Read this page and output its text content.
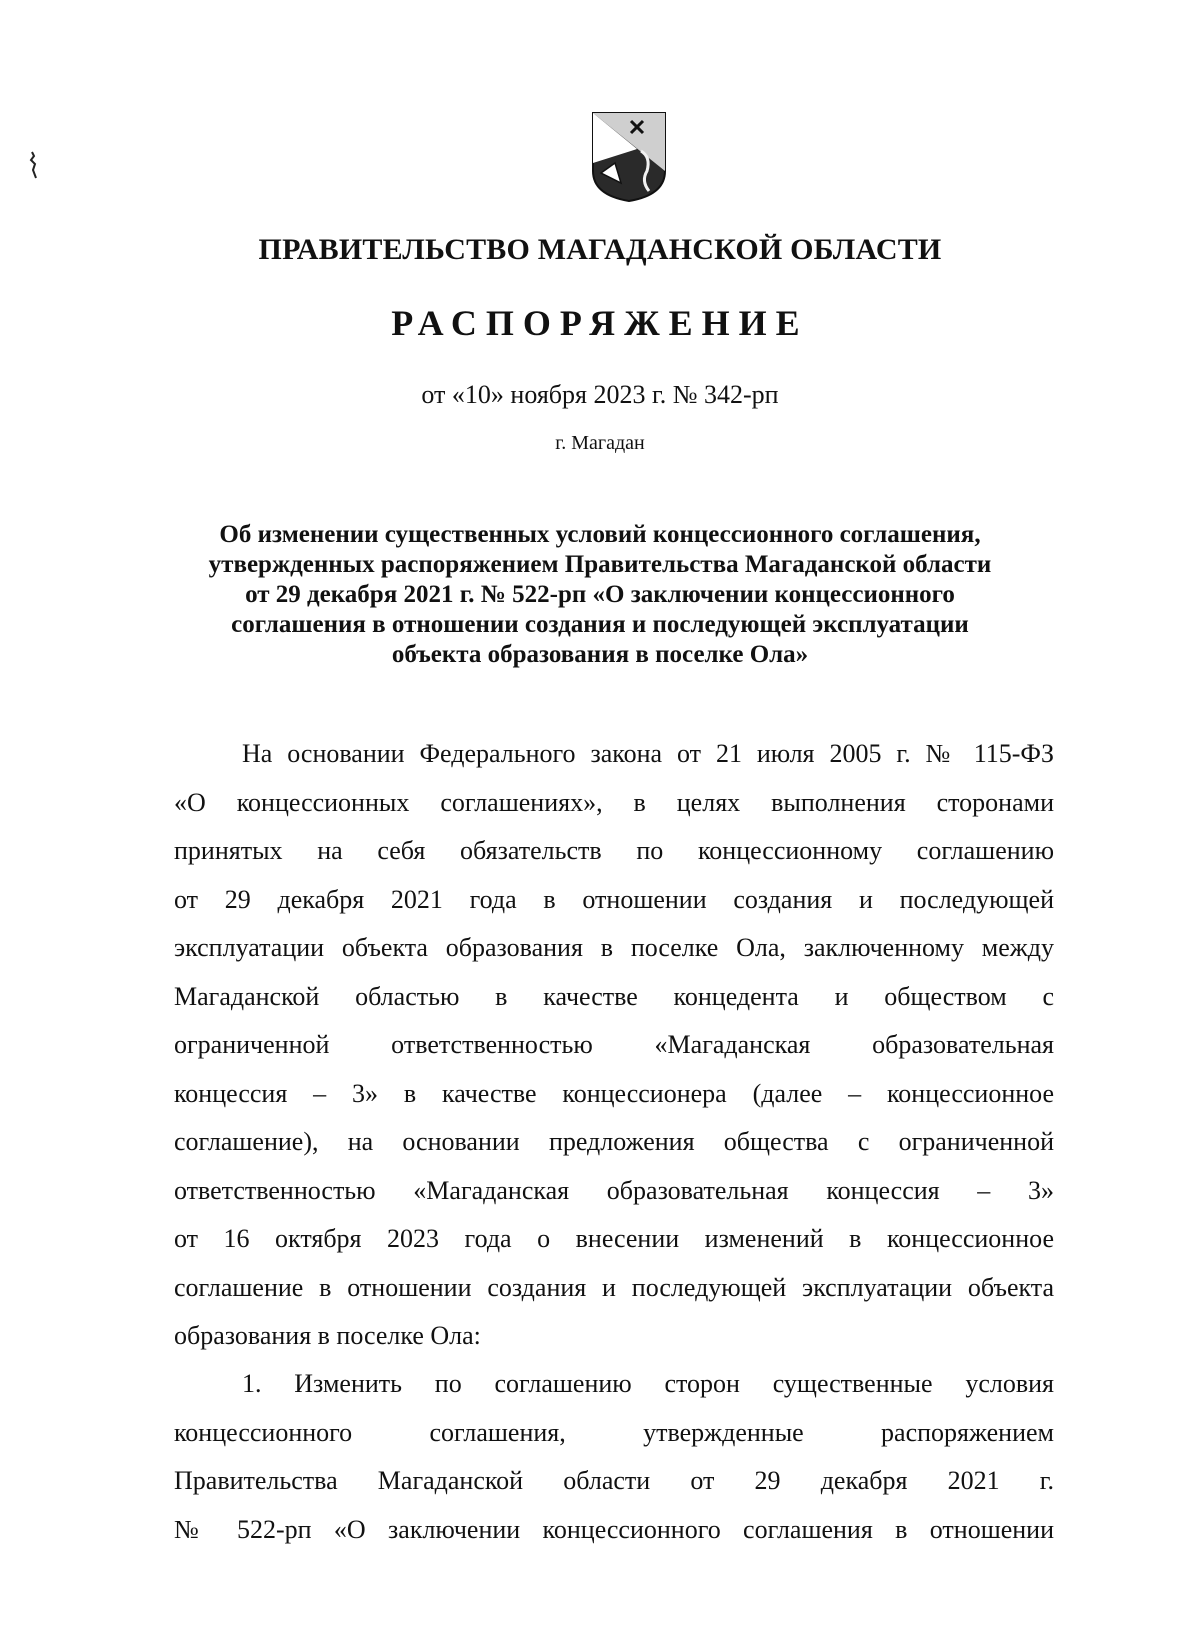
ПРАВИТЕЛЬСТВО МАГАДАНСКОЙ ОБЛАСТИ
РАСПОРЯЖЕНИЕ
от «10» ноября 2023 г. № 342-рп
г. Магадан
Об изменении существенных условий концессионного соглашения,
утвержденных распоряжением Правительства Магаданской области
от 29 декабря 2021 г. № 522-рп «О заключении концессионного
соглашения в отношении создания и последующей эксплуатации
объекта образования в поселке Ола»
На основании Федерального закона от 21 июля 2005 г. № 115-ФЗ
«О концессионных соглашениях», в целях выполнения сторонами
принятых на себя обязательств по концессионному соглашению
от 29 декабря 2021 года в отношении создания и последующей
эксплуатации объекта образования в поселке Ола, заключенному между
Магаданской областью в качестве концедента и обществом с
ограниченной ответственностью «Магаданская образовательная
концессия – 3» в качестве концессионера (далее – концессионное
соглашение), на основании предложения общества с ограниченной
ответственностью «Магаданская образовательная концессия – 3»
от 16 октября 2023 года о внесении изменений в концессионное
соглашение в отношении создания и последующей эксплуатации объекта
образования в поселке Ола:
1. Изменить по соглашению сторон существенные условия
концессионного соглашения, утвержденные распоряжением
Правительства Магаданской области от 29 декабря 2021 г.
№ 522-рп «О заключении концессионного соглашения в отношении
